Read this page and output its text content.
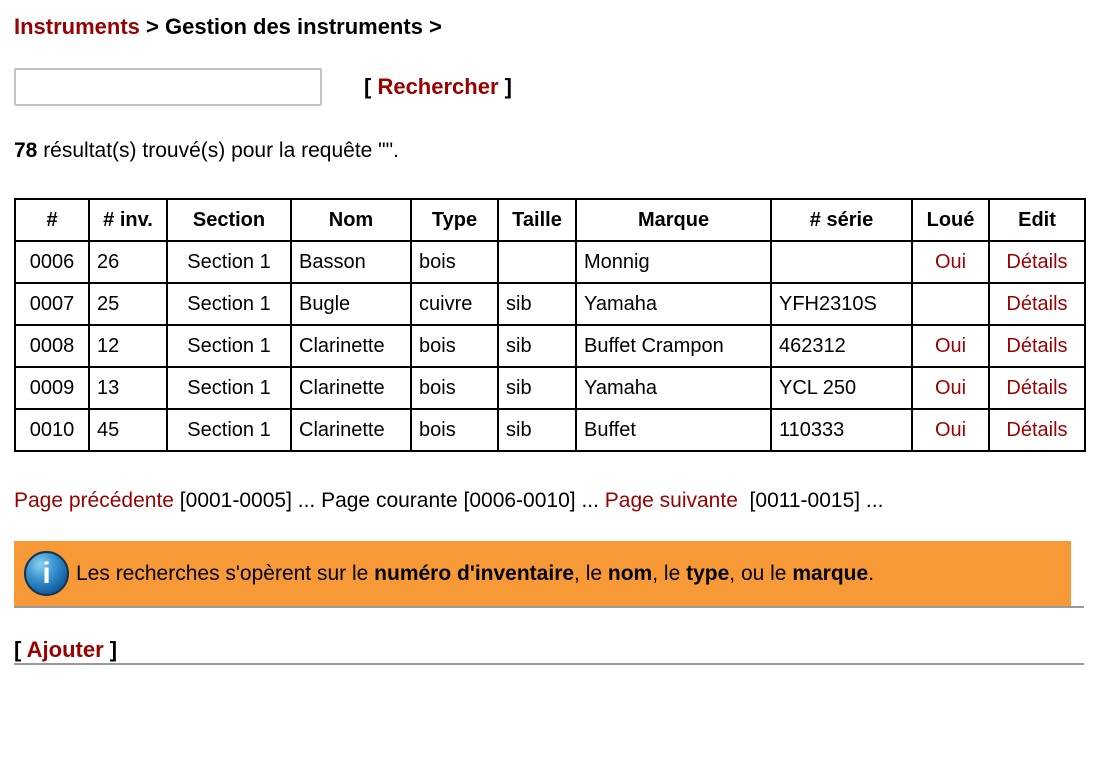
Instruments > Gestion des instruments >
[ Rechercher ]
78 résultat(s) trouvé(s) pour la requête "".
#	# inv.	Section	Nom	Type	Taille	Marque	# série	Loué	Edit
0006	26	Section 1	Basson	bois		Monnig		Oui	Détails
0007	25	Section 1	Bugle	cuivre	sib	Yamaha	YFH2310S		Détails
0008	12	Section 1	Clarinette	bois	sib	Buffet Crampon	462312	Oui	Détails
0009	13	Section 1	Clarinette	bois	sib	Yamaha	YCL 250	Oui	Détails
0010	45	Section 1	Clarinette	bois	sib	Buffet	110333	Oui	Détails
Page précédente [0001-0005] ... Page courante [0006-0010] ... Page suivante  [0011-0015] ...
i
Les recherches s'opèrent sur le numéro d'inventaire, le nom, le type, ou le marque.
[ Ajouter ]
